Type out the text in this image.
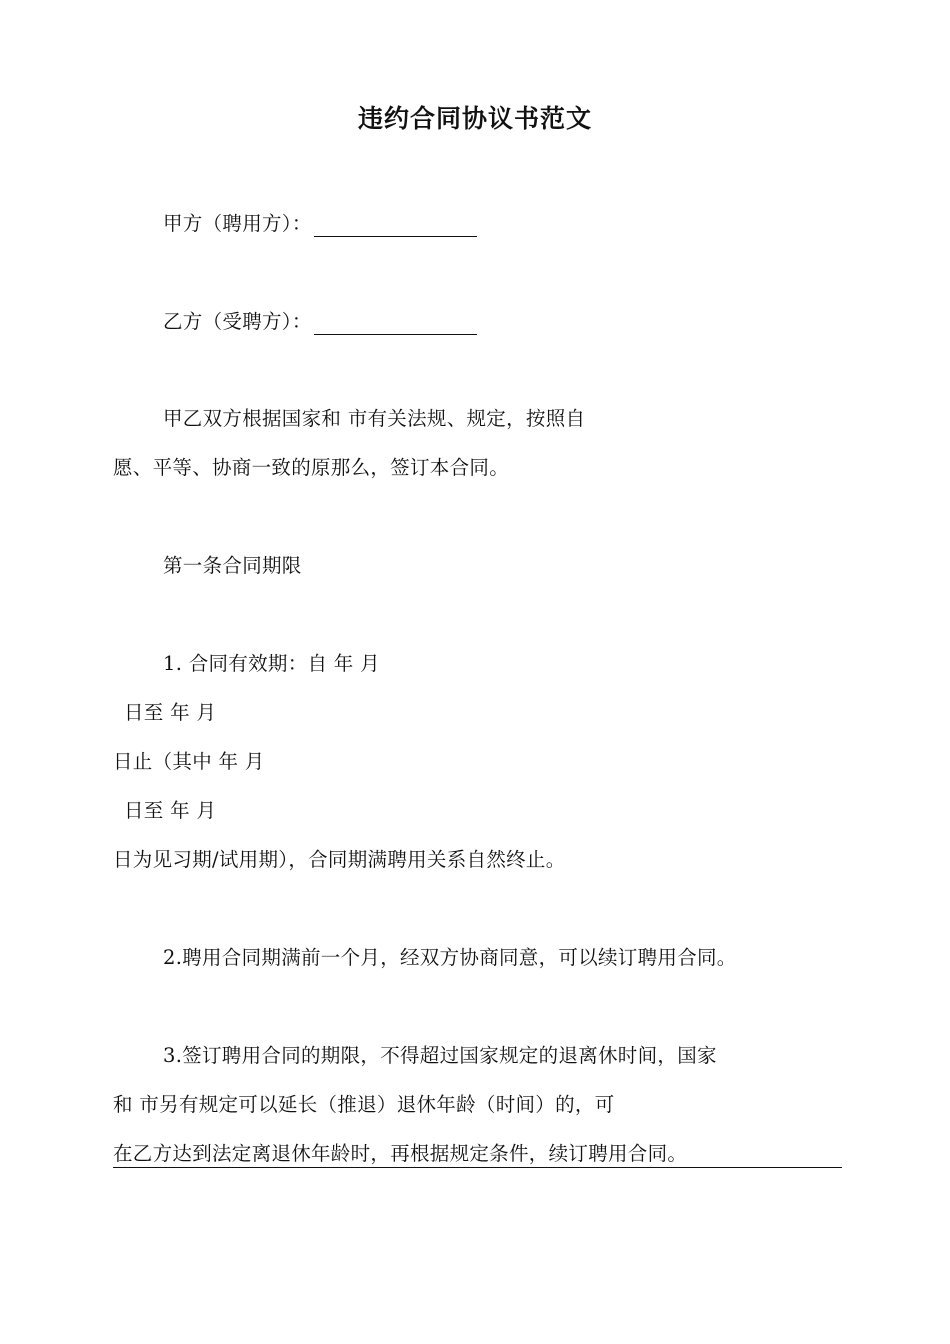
违约合同协议书范文
甲方（聘用方）：
乙方（受聘方）：
甲乙双方根据国家和 市有关法规、规定，按照自
愿、平等、协商一致的原那么，签订本合同。
第一条合同期限
1. 合同有效期：自 年 月
日至 年 月
日止（其中 年 月
日至 年 月
日为见习期/试用期），合同期满聘用关系自然终止。
2.聘用合同期满前一个月，经双方协商同意，可以续订聘用合同。
3.签订聘用合同的期限，不得超过国家规定的退离休时间，国家
和 市另有规定可以延长（推退）退休年龄（时间）的，可
在乙方达到法定离退休年龄时，再根据规定条件，续订聘用合同。
